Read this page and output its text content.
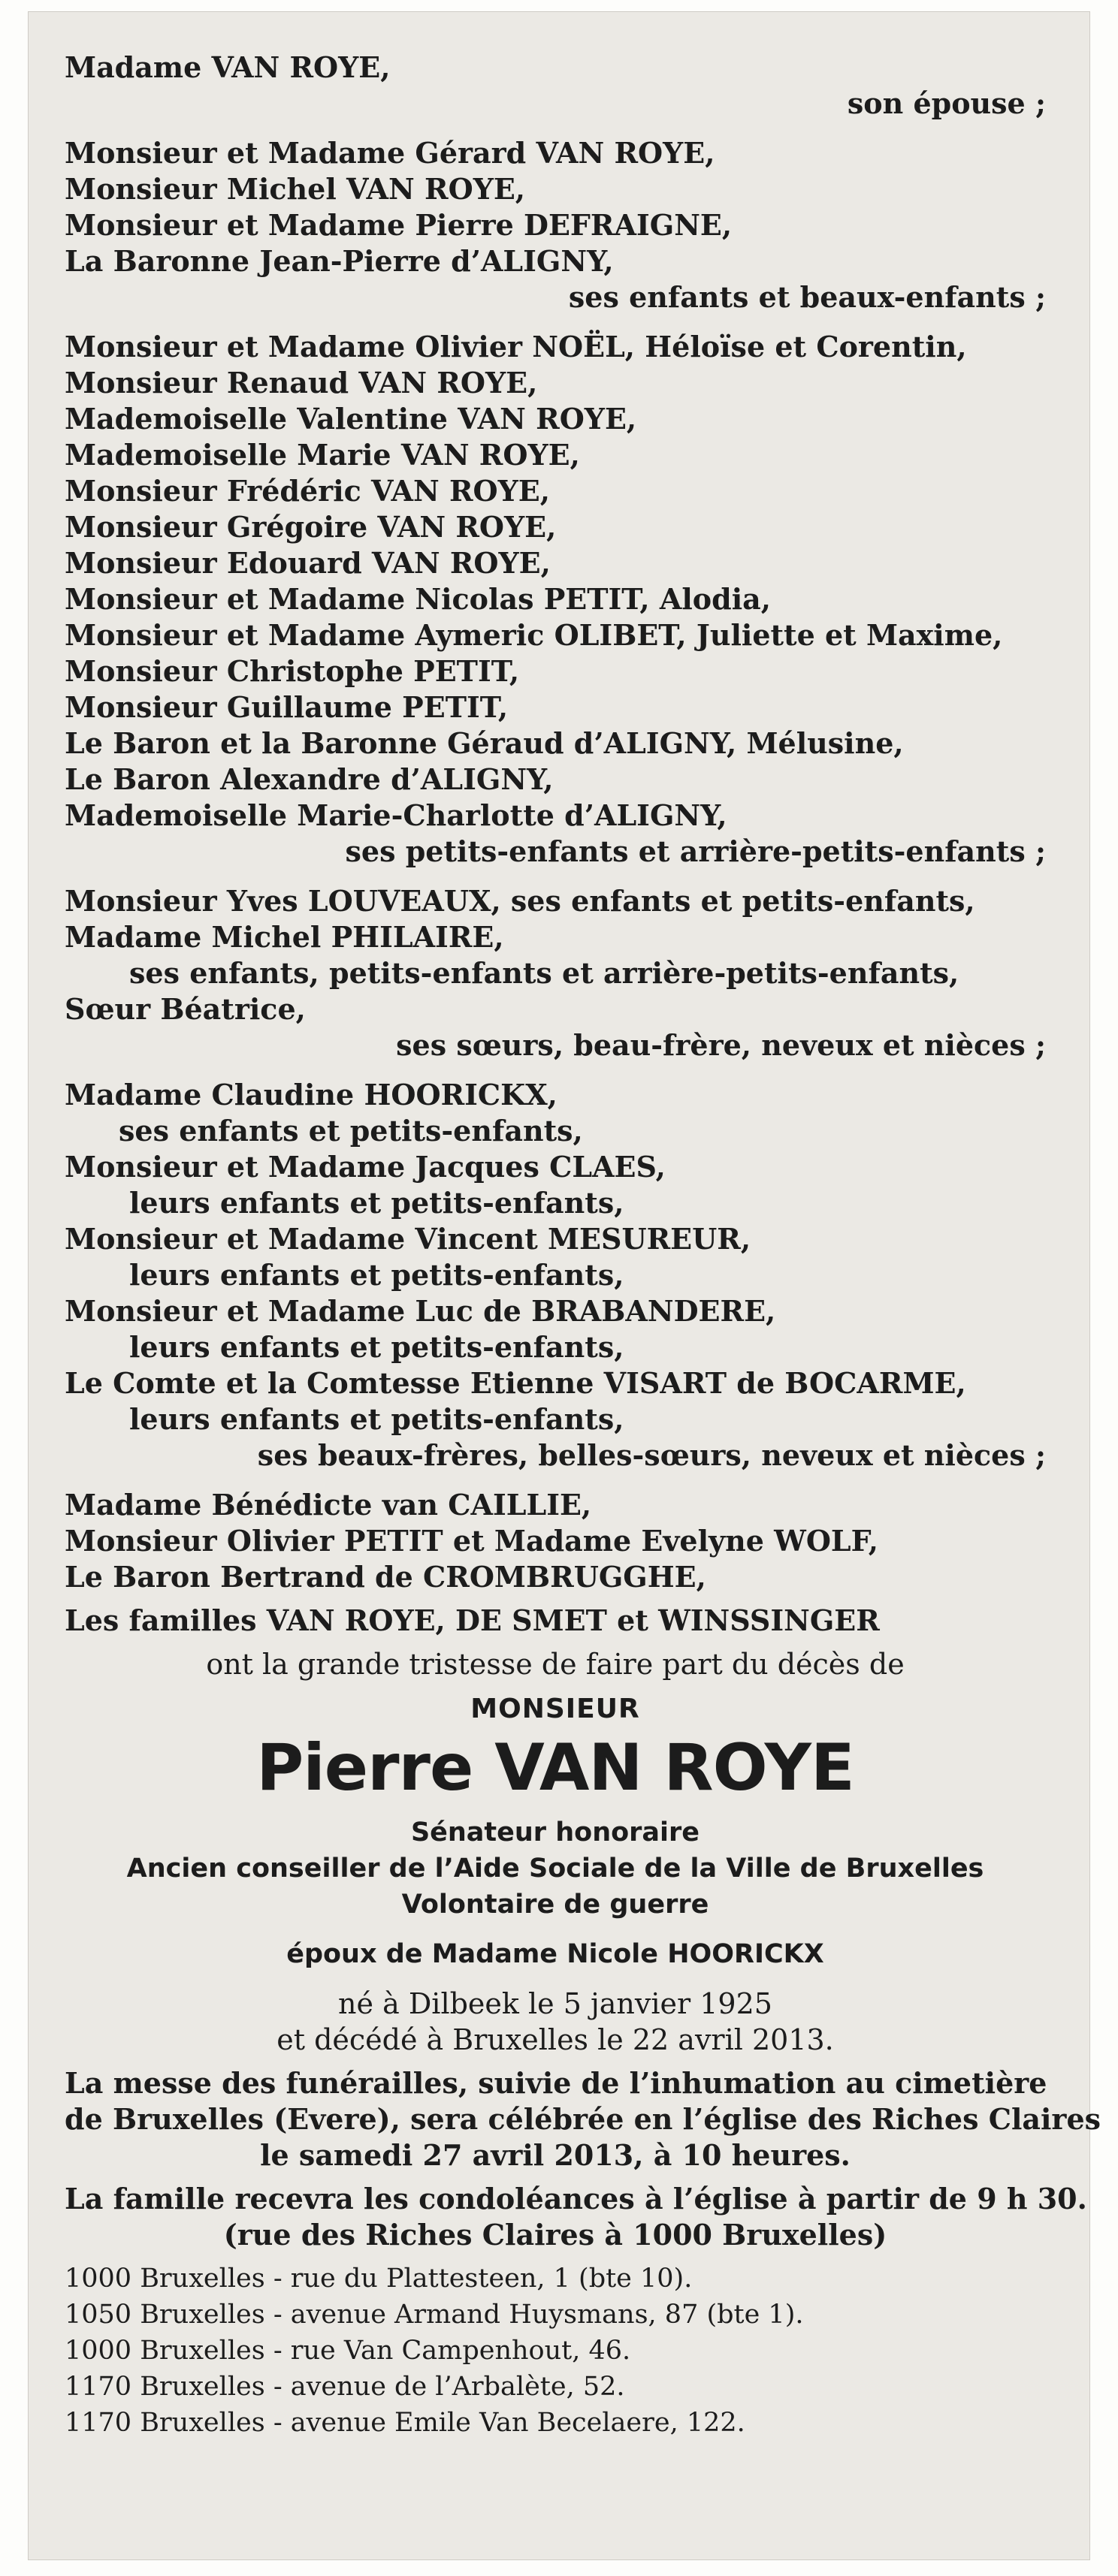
Madame VAN ROYE,
son épouse ;
Monsieur et Madame Gérard VAN ROYE,
Monsieur Michel VAN ROYE,
Monsieur et Madame Pierre DEFRAIGNE,
La Baronne Jean-Pierre d’ALIGNY,
ses enfants et beaux-enfants ;
Monsieur et Madame Olivier NOËL, Héloïse et Corentin,
Monsieur Renaud VAN ROYE,
Mademoiselle Valentine VAN ROYE,
Mademoiselle Marie VAN ROYE,
Monsieur Frédéric VAN ROYE,
Monsieur Grégoire VAN ROYE,
Monsieur Edouard VAN ROYE,
Monsieur et Madame Nicolas PETIT, Alodia,
Monsieur et Madame Aymeric OLIBET, Juliette et Maxime,
Monsieur Christophe PETIT,
Monsieur Guillaume PETIT,
Le Baron et la Baronne Géraud d’ALIGNY, Mélusine,
Le Baron Alexandre d’ALIGNY,
Mademoiselle Marie-Charlotte d’ALIGNY,
ses petits-enfants et arrière-petits-enfants ;
Monsieur Yves LOUVEAUX, ses enfants et petits-enfants,
Madame Michel PHILAIRE,
ses enfants, petits-enfants et arrière-petits-enfants,
Sœur Béatrice,
ses sœurs, beau-frère, neveux et nièces ;
Madame Claudine HOORICKX,
ses enfants et petits-enfants,
Monsieur et Madame Jacques CLAES,
leurs enfants et petits-enfants,
Monsieur et Madame Vincent MESUREUR,
leurs enfants et petits-enfants,
Monsieur et Madame Luc de BRABANDERE,
leurs enfants et petits-enfants,
Le Comte et la Comtesse Etienne VISART de BOCARME,
leurs enfants et petits-enfants,
ses beaux-frères, belles-sœurs, neveux et nièces ;
Madame Bénédicte van CAILLIE,
Monsieur Olivier PETIT et Madame Evelyne WOLF,
Le Baron Bertrand de CROMBRUGGHE,
Les familles VAN ROYE, DE SMET et WINSSINGER
ont la grande tristesse de faire part du décès de
MONSIEUR
Pierre VAN ROYE
Sénateur honoraire
Ancien conseiller de l’Aide Sociale de la Ville de Bruxelles
Volontaire de guerre
époux de Madame Nicole HOORICKX
né à Dilbeek le 5 janvier 1925
et décédé à Bruxelles le 22 avril 2013.
La messe des funérailles, suivie de l’inhumation au cimetière
de Bruxelles (Evere), sera célébrée en l’église des Riches Claires
le samedi 27 avril 2013, à 10 heures.
La famille recevra les condoléances à l’église à partir de 9 h 30.
(rue des Riches Claires à 1000 Bruxelles)
1000 Bruxelles - rue du Plattesteen, 1 (bte 10).
1050 Bruxelles - avenue Armand Huysmans, 87 (bte 1).
1000 Bruxelles - rue Van Campenhout, 46.
1170 Bruxelles - avenue de l’Arbalète, 52.
1170 Bruxelles - avenue Emile Van Becelaere, 122.
